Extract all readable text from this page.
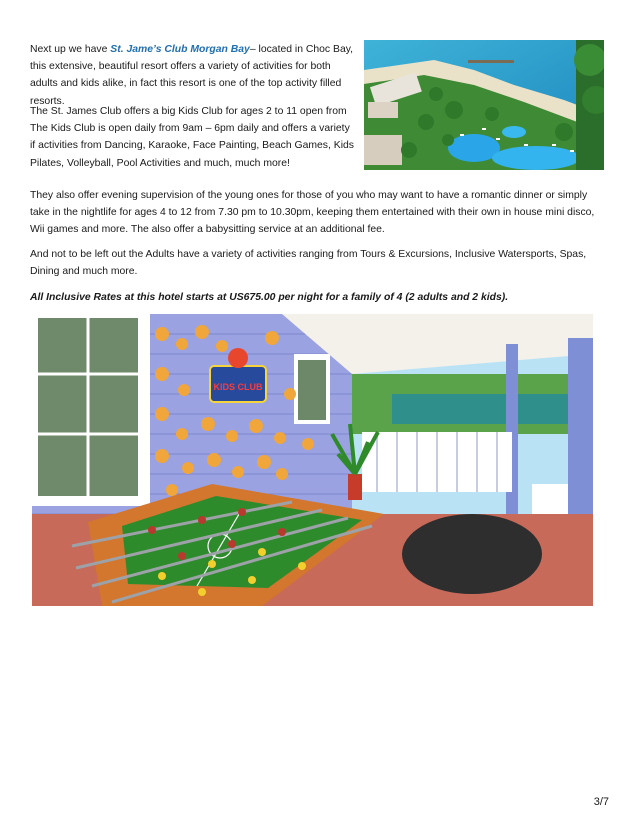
Next up we have St. Jame’s Club Morgan Bay– located in Choc Bay, this extensive, beautiful resort offers a variety of activities for both adults and kids alike, in fact this resort is one of the top activity filled resorts.

The St. James Club offers a big Kids Club for ages 2 to 11 open from The Kids Club is open daily from 9am – 6pm daily and offers a variety if activities from Dancing, Karaoke, Face Painting, Beach Games, Kids Pilates, Volleyball, Pool Activities and much, much more!

They also offer evening supervision of the young ones for those of you who may want to have a romantic dinner or simply take in the nightlife for ages 4 to 12 from 7.30 pm to 10.30pm, keeping them entertained with their own in house mini disco, Wii games and more. The also offer a babysitting service at an additional fee.

And not to be left out the Adults have a variety of activities ranging from Tours & Excursions, Inclusive Watersports, Spas, Dining and much more.

All Inclusive Rates at this hotel starts at US675.00 per night for a family of 4 (2 adults and 2 kids).

KIDS CLUB
3/7
